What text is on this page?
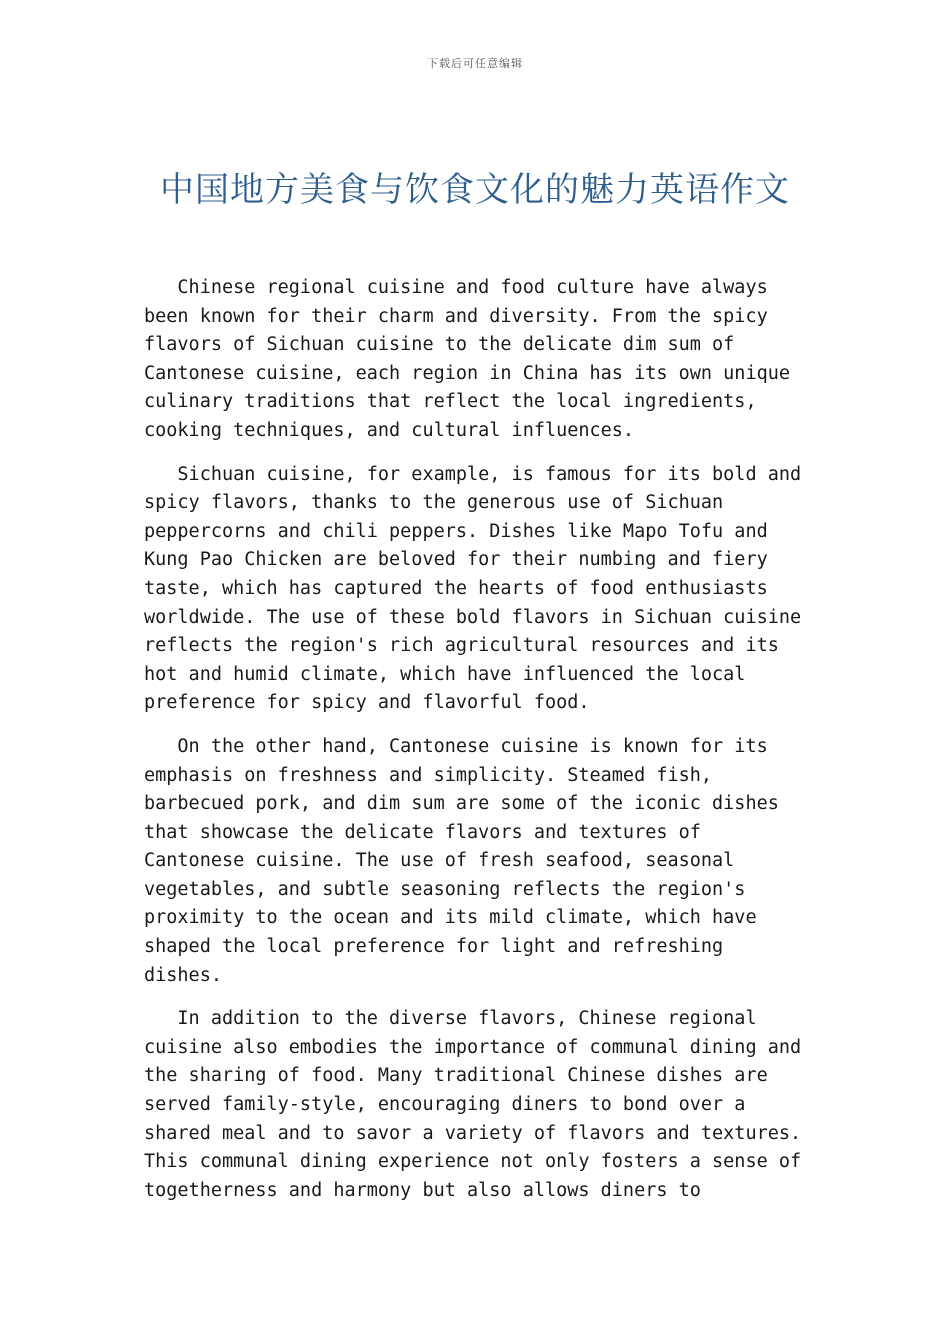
下载后可任意编辑
中国地方美食与饮食文化的魅力英语作文

Chinese regional cuisine and food culture have always
been known for their charm and diversity. From the spicy
flavors of Sichuan cuisine to the delicate dim sum of
Cantonese cuisine, each region in China has its own unique
culinary traditions that reflect the local ingredients,
cooking techniques, and cultural influences.

Sichuan cuisine, for example, is famous for its bold and
spicy flavors, thanks to the generous use of Sichuan
peppercorns and chili peppers. Dishes like Mapo Tofu and
Kung Pao Chicken are beloved for their numbing and fiery
taste, which has captured the hearts of food enthusiasts
worldwide. The use of these bold flavors in Sichuan cuisine
reflects the region's rich agricultural resources and its
hot and humid climate, which have influenced the local
preference for spicy and flavorful food.

On the other hand, Cantonese cuisine is known for its
emphasis on freshness and simplicity. Steamed fish,
barbecued pork, and dim sum are some of the iconic dishes
that showcase the delicate flavors and textures of
Cantonese cuisine. The use of fresh seafood, seasonal
vegetables, and subtle seasoning reflects the region's
proximity to the ocean and its mild climate, which have
shaped the local preference for light and refreshing
dishes.

In addition to the diverse flavors, Chinese regional
cuisine also embodies the importance of communal dining and
the sharing of food. Many traditional Chinese dishes are
served family-style, encouraging diners to bond over a
shared meal and to savor a variety of flavors and textures.
This communal dining experience not only fosters a sense of
togetherness and harmony but also allows diners to
